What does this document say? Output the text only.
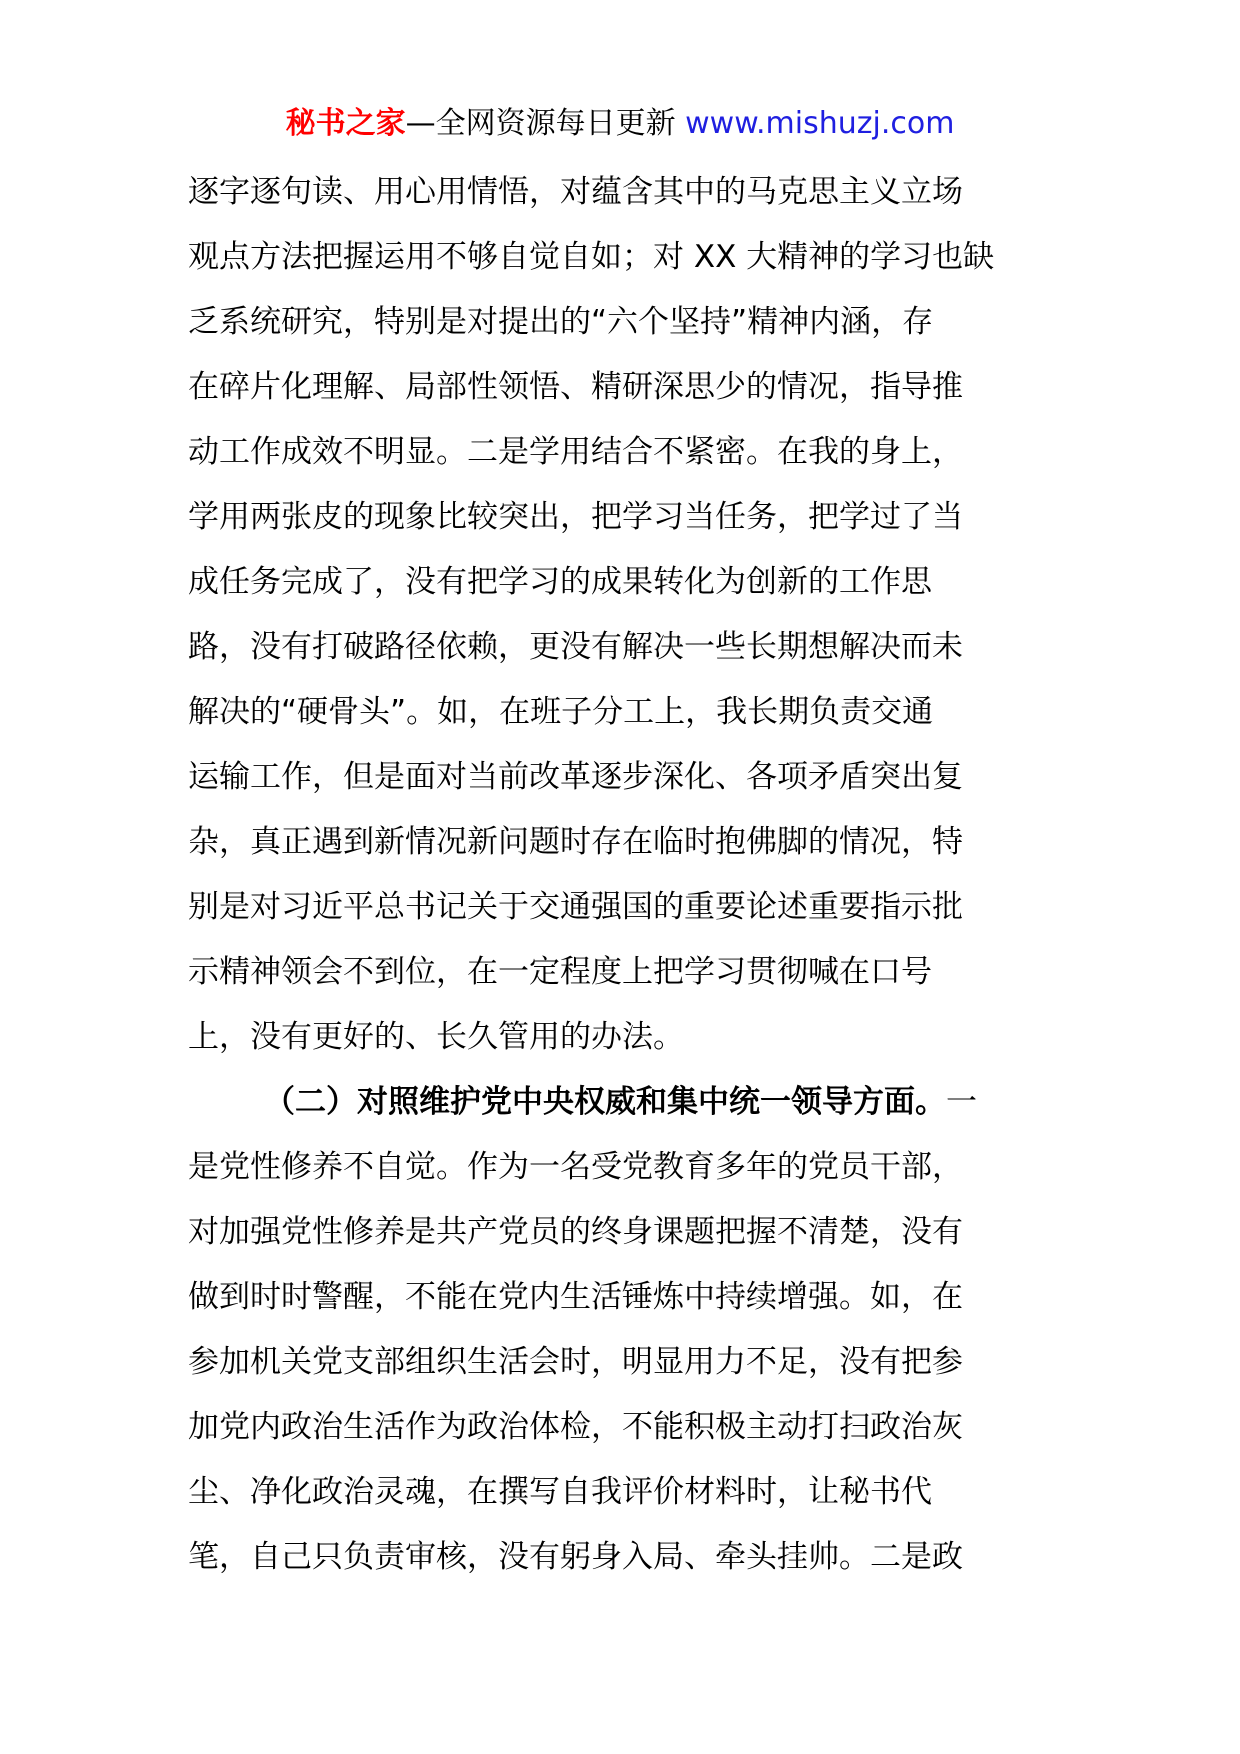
秘书之家—全网资源每日更新 www.mishuzj.com
逐字逐句读、用心用情悟，对蕴含其中的马克思主义立场
观点方法把握运用不够自觉自如；对 XX 大精神的学习也缺
乏系统研究，特别是对提出的“六个坚持”精神内涵，存
在碎片化理解、局部性领悟、精研深思少的情况，指导推
动工作成效不明显。二是学用结合不紧密。在我的身上，
学用两张皮的现象比较突出，把学习当任务，把学过了当
成任务完成了，没有把学习的成果转化为创新的工作思
路，没有打破路径依赖，更没有解决一些长期想解决而未
解决的“硬骨头”。如，在班子分工上，我长期负责交通
运输工作，但是面对当前改革逐步深化、各项矛盾突出复
杂，真正遇到新情况新问题时存在临时抱佛脚的情况，特
别是对习近平总书记关于交通强国的重要论述重要指示批
示精神领会不到位，在一定程度上把学习贯彻喊在口号
上，没有更好的、长久管用的办法。
（二）对照维护党中央权威和集中统一领导方面。一
是党性修养不自觉。作为一名受党教育多年的党员干部，
对加强党性修养是共产党员的终身课题把握不清楚，没有
做到时时警醒，不能在党内生活锤炼中持续增强。如，在
参加机关党支部组织生活会时，明显用力不足，没有把参
加党内政治生活作为政治体检，不能积极主动打扫政治灰
尘、净化政治灵魂，在撰写自我评价材料时，让秘书代
笔，自己只负责审核，没有躬身入局、牵头挂帅。二是政
